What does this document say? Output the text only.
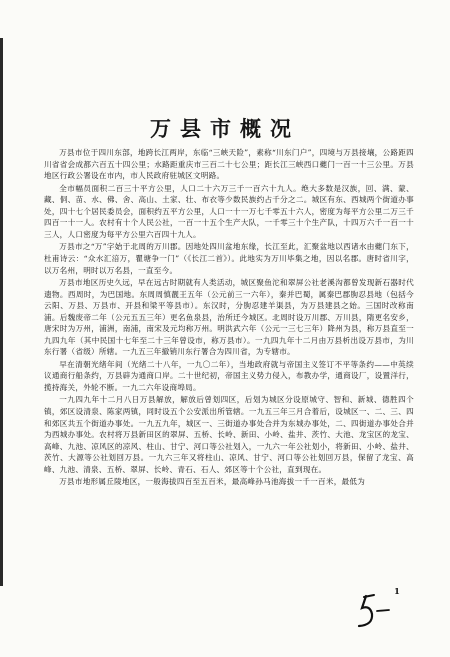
万县市概况

万县市位于四川东部，地跨长江两岸，东临“三峡天险”，素称“川东门户”，四境与万县接壤，公路距四川省省会成都六百五十四公里；水路距重庆市三百二十七公里；距长江三峡西口夔门一百一十三公里。万县地区行政公署设在市内，市人民政府驻城区文明路。

全市幅员面积二百三十平方公里，人口二十六万三千一百六十九人。绝大多数是汉族，回、满、蒙、藏、侗、苗、水、佛、舍、高山、土家、壮、布衣等少数民族约占千分之二。城区有东、西城两个街道办事处，四十七个居民委员会，面积约五平方公里，人口一十一万七千零五十六人，密度为每平方公里二万三千四百一十一人。农村有十个人民公社，一百一十五个生产大队，一千零三十个生产队，十四万六千一百一十三人，人口密度为每平方公里六百四十九人。

万县市之“万”字始于北周的万川郡。因地处四川盆地东缘，长江至此，汇聚盆地以西诸水由夔门东下，杜甫诗云：“众水汇涪万，瞿塘争一门”（《长江二首》）。此地实为万川毕集之地，因以名郡。唐时省川字，以万名州，明时以万名县，一直至今。

万县市地区历史久远，早在远古时期就有人类活动，城区聚鱼沱和翠屏公社老溪沟都曾发现新石器时代遗物。西周时，为巴国地。东周周慎靓王五年（公元前三一六年），秦并巴蜀，属秦巴郡朐忍县地（包括今云阳、万县、万县市、开县和梁平等县市）。东汉时，分朐忍建羊渠县，为万县建县之始。三国时改称南浦。后魏废帝二年（公元五五三年）更名鱼泉县，治所迁今城区。北周时设万川郡、万川县，隋更名安乡，唐宋时为万州，浦洲，南浦，南宋及元均称万州。明洪武六年（公元一三七三年）降州为县，称万县直至一九四九年（其中民国十七年至二十三年曾设市，称万县市）。一九四九年十二月由万县析出设万县市，为川东行署（省级）所辖。一九五三年撤销川东行署合为四川省，为专辖市。

早在清朝光绪年间（光绪二十八年，一九〇二年），当地政府就与帝国主义签订不平等条约——中英续议通商行船条约，万县辟为通商口岸。二十世纪初，帝国主义势力侵入，布教办学，通商设厂，设置洋行，揽持海关，外轮不断。一九二六年设商埠局。

一九四九年十二月八日万县解放，解放后曾划四区，后划为城区分设原城守、智和、新城、德胜四个镇，郊区设清泉、陈家两镇，同时设五个公安派出所管辖。一九五三年三月合着后，设城区一、二、三、四和郊区共五个街道办事处。一九五九年，城区一、三街道办事处合并为东城办事处，二、四街道办事处合并为西城办事处。农村将万县新田区的翠屏、五桥、长岭、新田、小岭、盐井、茨竹、大池、龙宝区的龙宝、高峰、九池、凉风区的凉风、柱山、甘宁、河口等公社划入，一九六一年公社划小，将新田、小岭、盐井、茨竹、大源等公社划回万县。一九六三年又将柱山、凉风、甘宁、河口等公社划回万县，保留了龙宝、高峰、九池、清泉、五桥、翠屏、长岭、青石、石人、郊区等十个公社，直到现在。

万县市地形属丘陵地区，一般海拔四百至五百米，最高峰孙马池海拔一千一百米，最低为

1
